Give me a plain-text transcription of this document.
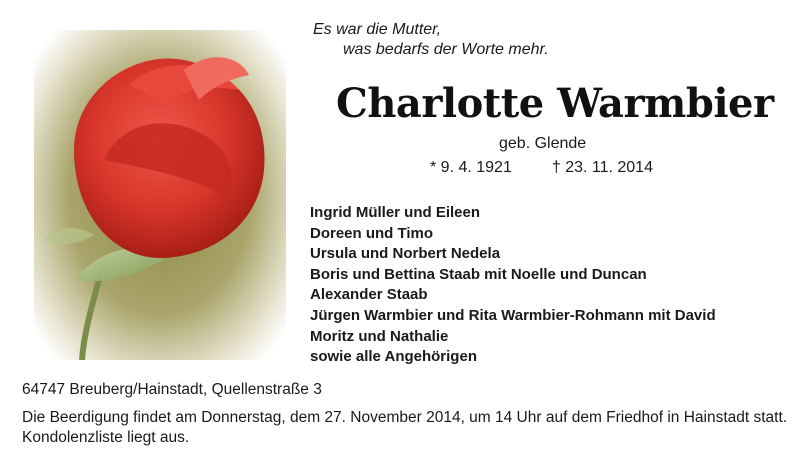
Es war die Mutter,
was bedarfs der Worte mehr.
Charlotte Warmbier
geb. Glende
* 9. 4. 1921	† 23. 11. 2014
Ingrid Müller und Eileen
Doreen und Timo
Ursula und Norbert Nedela
Boris und Bettina Staab mit Noelle und Duncan
Alexander Staab
Jürgen Warmbier und Rita Warmbier-Rohmann mit David
Moritz und Nathalie
sowie alle Angehörigen
64747 Breuberg/Hainstadt, Quellenstraße 3
Die Beerdigung findet am Donnerstag, dem 27. November 2014, um 14 Uhr auf dem Friedhof in Hainstadt statt. Kondolenzliste liegt aus.
